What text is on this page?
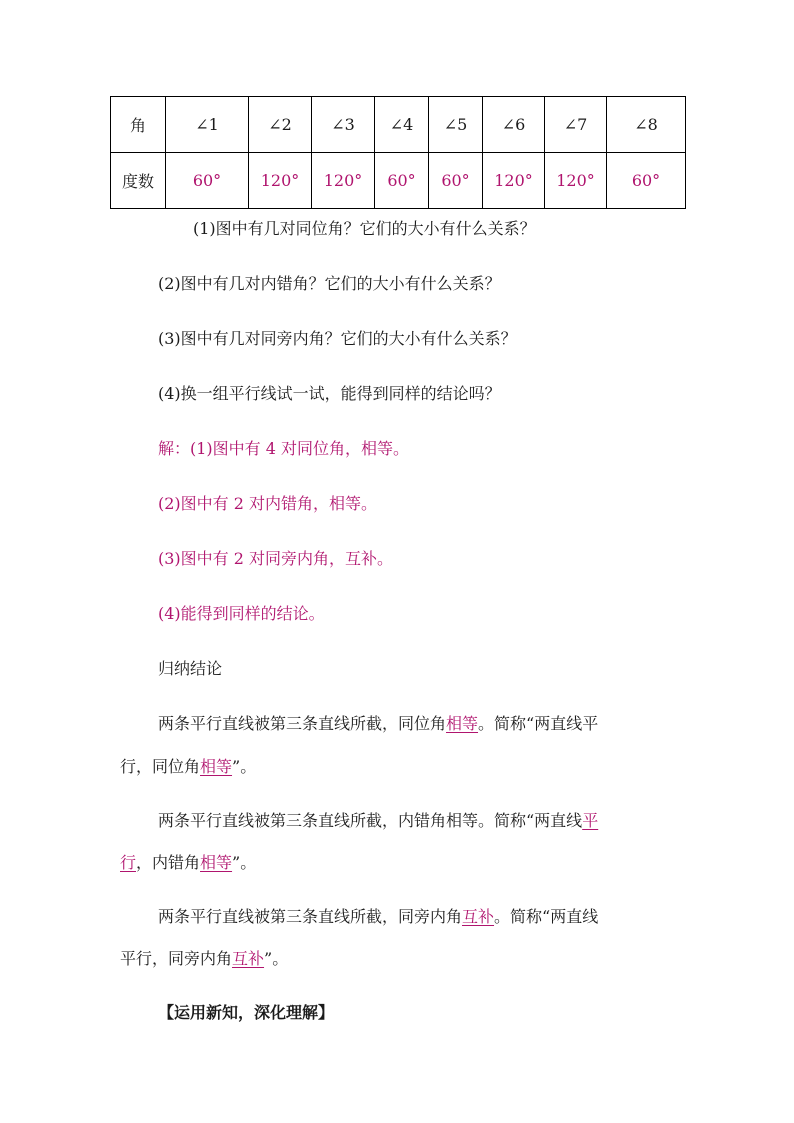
角	∠1	∠2	∠3	∠4	∠5	∠6	∠7	∠8
度数	60°	120°	120°	60°	60°	120°	120°	60°
(1)图中有几对同位角？它们的大小有什么关系？
(2)图中有几对内错角？它们的大小有什么关系？
(3)图中有几对同旁内角？它们的大小有什么关系？
(4)换一组平行线试一试，能得到同样的结论吗？
解：(1)图中有 4 对同位角，相等。
(2)图中有 2 对内错角，相等。
(3)图中有 2 对同旁内角，互补。
(4)能得到同样的结论。
归纳结论
两条平行直线被第三条直线所截，同位角相等。简称“两直线平
行，同位角相等”。
两条平行直线被第三条直线所截，内错角相等。简称“两直线平
行，内错角相等”。
两条平行直线被第三条直线所截，同旁内角互补。简称“两直线
平行，同旁内角互补”。
【运用新知，深化理解】
